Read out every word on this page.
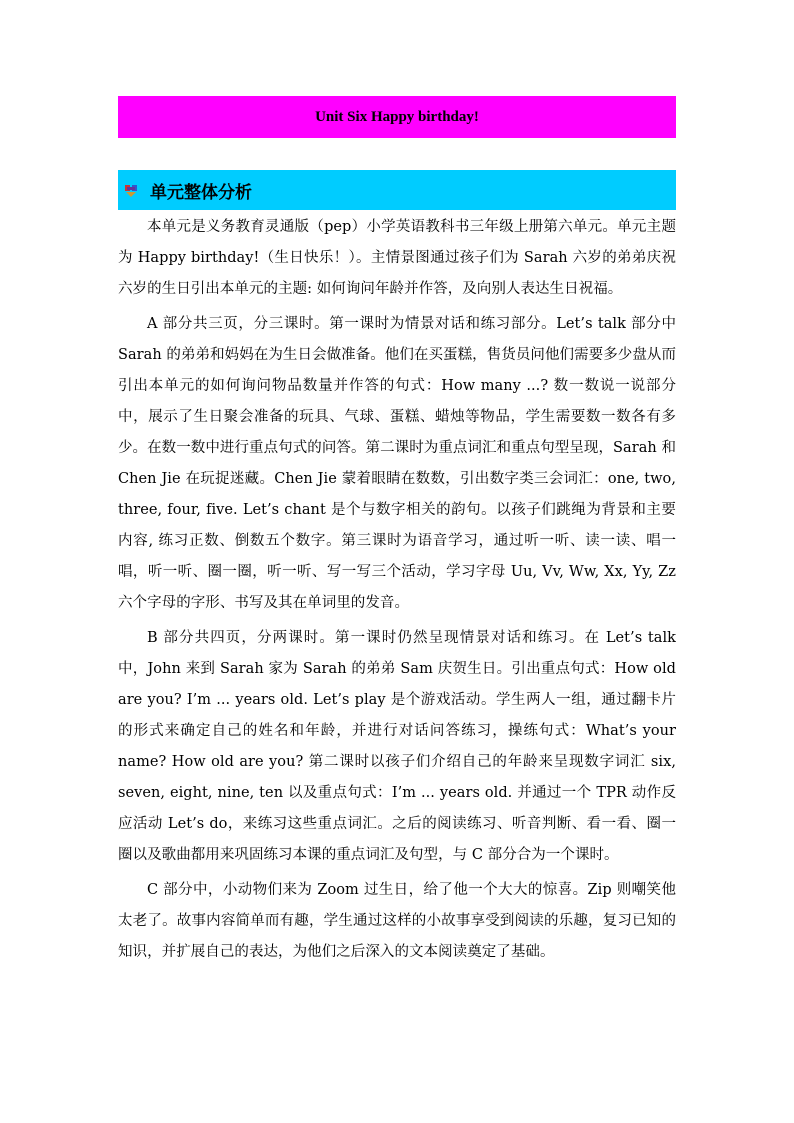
Unit Six Happy birthday!
单元整体分析

本单元是义务教育灵通版（pep）小学英语教科书三年级上册第六单元。单元主题为 Happy birthday!（生日快乐！）。主情景图通过孩子们为 Sarah 六岁的弟弟庆祝六岁的生日引出本单元的主题: 如何询问年龄并作答，及向别人表达生日祝福。

A 部分共三页，分三课时。第一课时为情景对话和练习部分。Let’s talk 部分中 Sarah 的弟弟和妈妈在为生日会做准备。他们在买蛋糕，售货员问他们需要多少盘从而引出本单元的如何询问物品数量并作答的句式：How many ...? 数一数说一说部分中，展示了生日聚会准备的玩具、气球、蛋糕、蜡烛等物品，学生需要数一数各有多少。在数一数中进行重点句式的问答。第二课时为重点词汇和重点句型呈现，Sarah 和 Chen Jie 在玩捉迷藏。Chen Jie 蒙着眼睛在数数，引出数字类三会词汇：one, two, three, four, five. Let’s chant 是个与数字相关的韵句。以孩子们跳绳为背景和主要内容, 练习正数、倒数五个数字。第三课时为语音学习，通过听一听、读一读、唱一唱，听一听、圈一圈，听一听、写一写三个活动，学习字母 Uu, Vv, Ww, Xx, Yy, Zz 六个字母的字形、书写及其在单词里的发音。

B 部分共四页，分两课时。第一课时仍然呈现情景对话和练习。在 Let’s talk 中，John 来到 Sarah 家为 Sarah 的弟弟 Sam 庆贺生日。引出重点句式：How old are you? I’m ... years old. Let’s play 是个游戏活动。学生两人一组，通过翻卡片的形式来确定自己的姓名和年龄，并进行对话问答练习，操练句式：What’s your name? How old are you? 第二课时以孩子们介绍自己的年龄来呈现数字词汇 six, seven, eight, nine, ten 以及重点句式：I’m ... years old. 并通过一个 TPR 动作反应活动 Let’s do，来练习这些重点词汇。之后的阅读练习、听音判断、看一看、圈一圈以及歌曲都用来巩固练习本课的重点词汇及句型，与 C 部分合为一个课时。

C 部分中，小动物们来为 Zoom 过生日，给了他一个大大的惊喜。Zip 则嘲笑他太老了。故事内容简单而有趣，学生通过这样的小故事享受到阅读的乐趣，复习已知的知识，并扩展自己的表达，为他们之后深入的文本阅读奠定了基础。
